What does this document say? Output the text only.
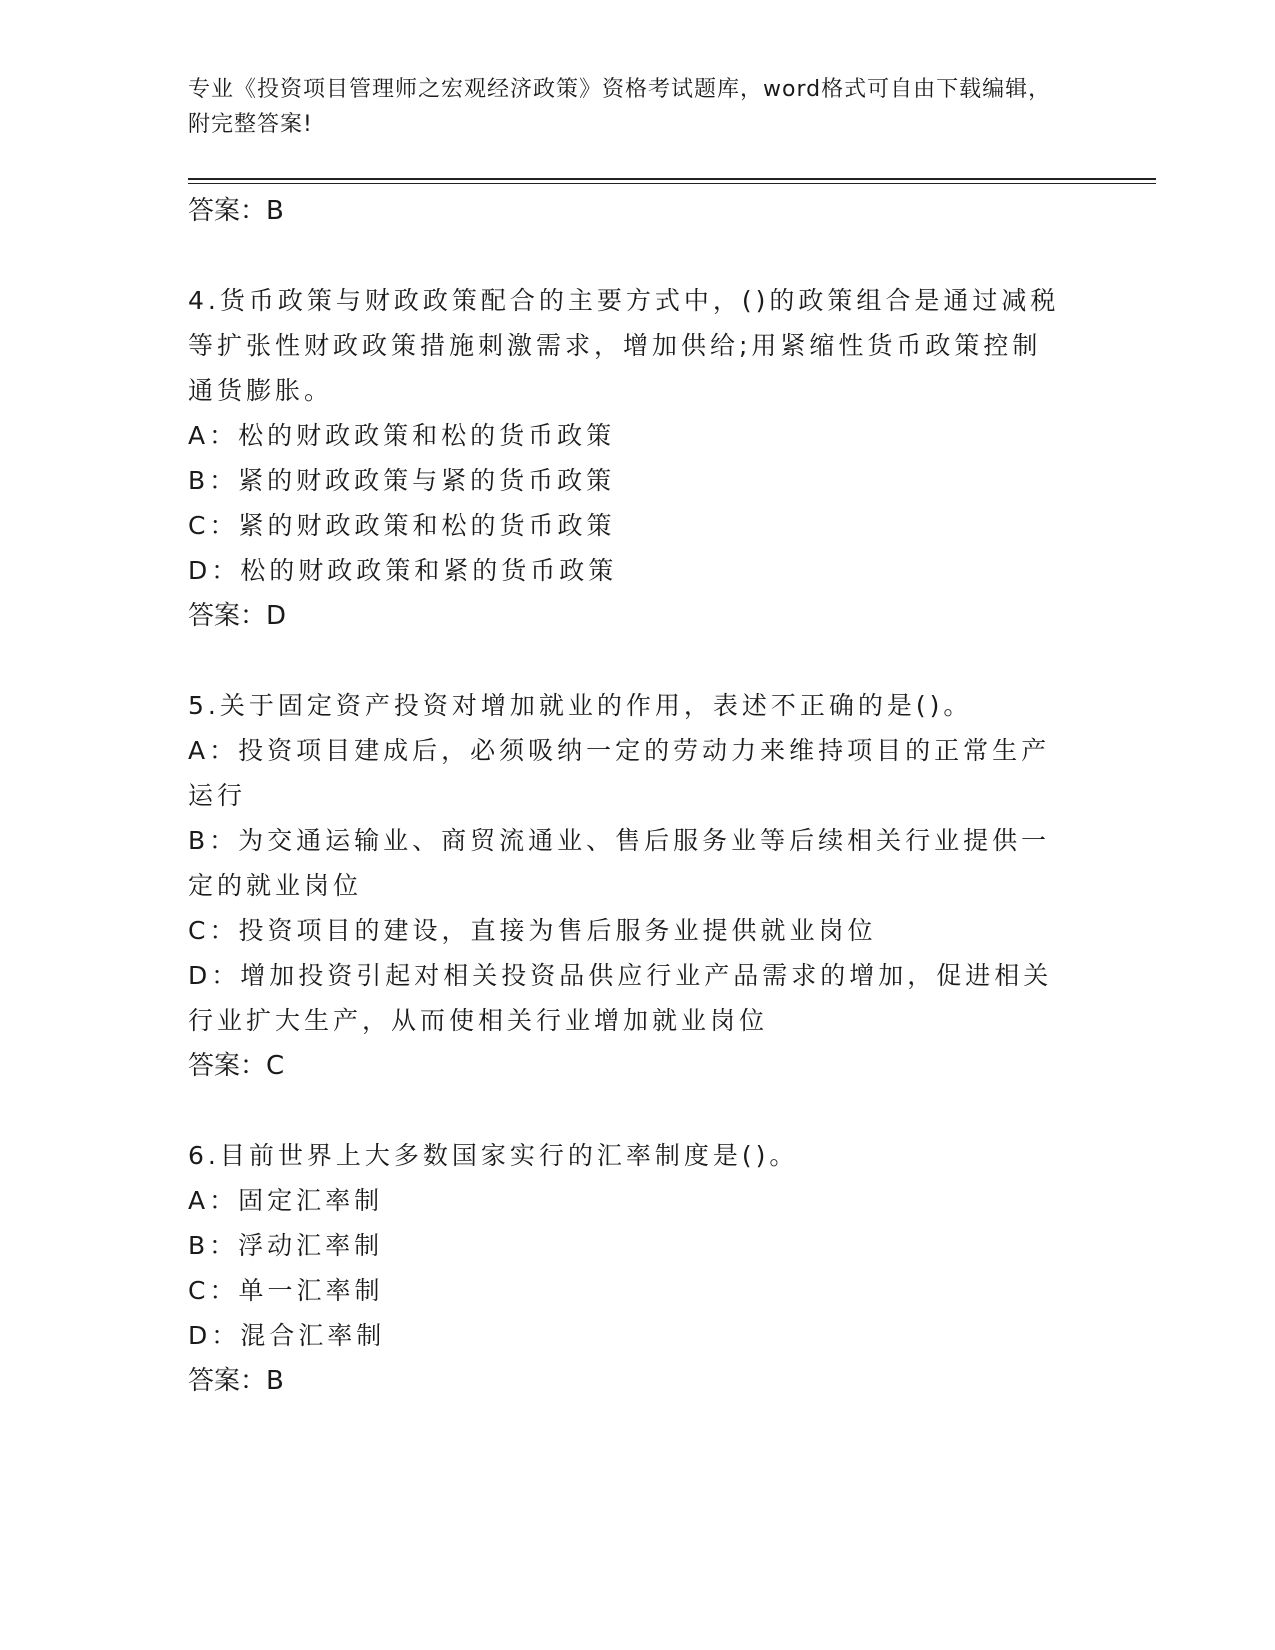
专业《投资项目管理师之宏观经济政策》资格考试题库，word格式可自由下载编辑，附完整答案!
答案：B
4.货币政策与财政政策配合的主要方式中，()的政策组合是通过减税等扩张性财政政策措施刺激需求，增加供给;用紧缩性货币政策控制通货膨胀。
A：松的财政政策和松的货币政策
B：紧的财政政策与紧的货币政策
C：紧的财政政策和松的货币政策
D：松的财政政策和紧的货币政策
答案：D
5.关于固定资产投资对增加就业的作用，表述不正确的是()。
A：投资项目建成后，必须吸纳一定的劳动力来维持项目的正常生产运行
B：为交通运输业、商贸流通业、售后服务业等后续相关行业提供一定的就业岗位
C：投资项目的建设，直接为售后服务业提供就业岗位
D：增加投资引起对相关投资品供应行业产品需求的增加，促进相关行业扩大生产，从而使相关行业增加就业岗位
答案：C
6.目前世界上大多数国家实行的汇率制度是()。
A：固定汇率制
B：浮动汇率制
C：单一汇率制
D：混合汇率制
答案：B
